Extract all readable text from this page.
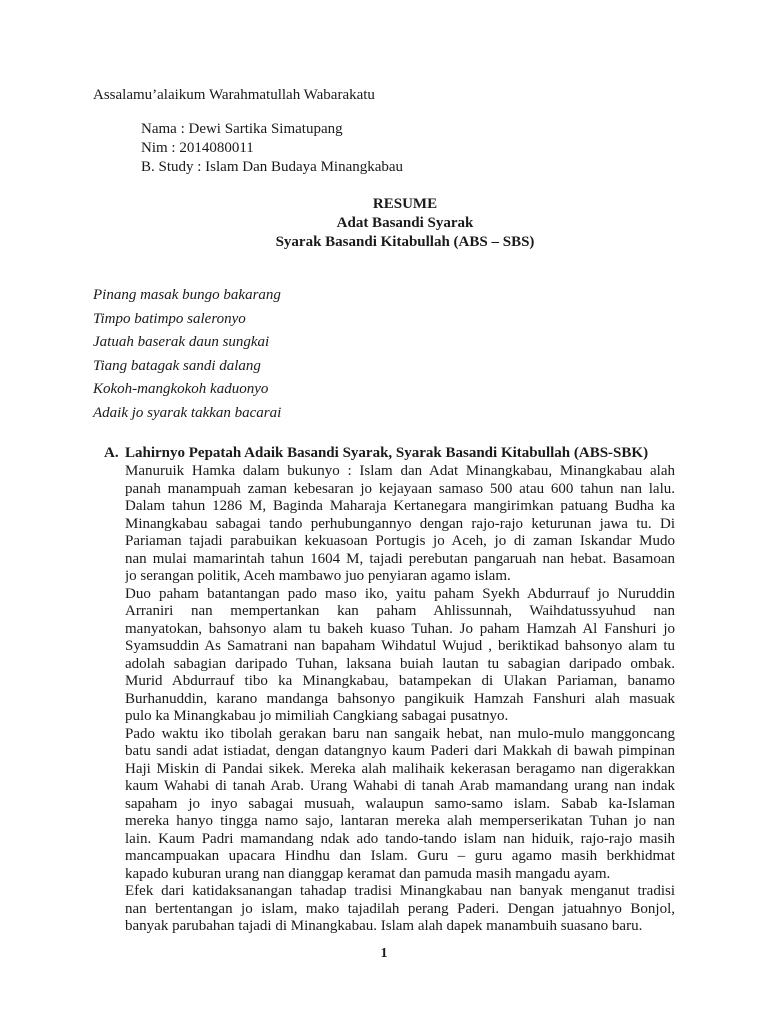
Assalamu’alaikum Warahmatullah Wabarakatu
Nama : Dewi Sartika Simatupang
Nim : 2014080011
B. Study : Islam Dan Budaya Minangkabau
RESUME
Adat Basandi Syarak
Syarak Basandi Kitabullah (ABS – SBS)
Pinang masak bungo bakarang
Timpo batimpo saleronyo
Jatuah baserak daun sungkai
Tiang batagak sandi dalang
Kokoh-mangkokoh kaduonyo
Adaik jo syarak takkan bacarai
A. Lahirnyo Pepatah Adaik Basandi Syarak, Syarak Basandi Kitabullah (ABS-SBK)
Manuruik Hamka dalam bukunyo : Islam dan Adat Minangkabau, Minangkabau alah
panah manampuah zaman kebesaran jo kejayaan samaso 500 atau 600 tahun nan lalu.
Dalam tahun 1286 M, Baginda Maharaja Kertanegara mangirimkan patuang Budha ka
Minangkabau sabagai tando perhubungannyo dengan rajo-rajo keturunan jawa tu. Di
Pariaman tajadi parabuikan kekuasoan Portugis jo Aceh, jo di zaman Iskandar Mudo
nan mulai mamarintah tahun 1604 M, tajadi perebutan pangaruah nan hebat. Basamoan
jo serangan politik, Aceh mambawo juo penyiaran agamo islam.
Duo paham batantangan pado maso iko, yaitu paham Syekh Abdurrauf jo Nuruddin
Arraniri nan mempertankan kan paham Ahlissunnah, Waihdatussyuhud nan
manyatokan, bahsonyo alam tu bakeh kuaso Tuhan. Jo paham Hamzah Al Fanshuri jo
Syamsuddin As Samatrani nan bapaham Wihdatul Wujud , beriktikad bahsonyo alam tu
adolah sabagian daripado Tuhan, laksana buiah lautan tu sabagian daripado ombak.
Murid Abdurrauf tibo ka Minangkabau, batampekan di Ulakan Pariaman, banamo
Burhanuddin, karano mandanga bahsonyo pangikuik Hamzah Fanshuri alah masuak
pulo ka Minangkabau jo mimiliah Cangkiang sabagai pusatnyo.
Pado waktu iko tibolah gerakan baru nan sangaik hebat, nan mulo-mulo manggoncang
batu sandi adat istiadat, dengan datangnyo kaum Paderi dari Makkah di bawah pimpinan
Haji Miskin di Pandai sikek. Mereka alah malihaik kekerasan beragamo nan digerakkan
kaum Wahabi di tanah Arab. Urang Wahabi di tanah Arab mamandang urang nan indak
sapaham jo inyo sabagai musuah, walaupun samo-samo islam. Sabab ka-Islaman
mereka hanyo tingga namo sajo, lantaran mereka alah memperserikatan Tuhan jo nan
lain. Kaum Padri mamandang ndak ado tando-tando islam nan hiduik, rajo-rajo masih
mancampuakan upacara Hindhu dan Islam. Guru – guru agamo masih berkhidmat
kapado kuburan urang nan dianggap keramat dan pamuda masih mangadu ayam.
Efek dari katidaksanangan tahadap tradisi Minangkabau nan banyak menganut tradisi
nan bertentangan jo islam, mako tajadilah perang Paderi. Dengan jatuahnyo Bonjol,
banyak parubahan tajadi di Minangkabau. Islam alah dapek manambuih suasano baru.
1
